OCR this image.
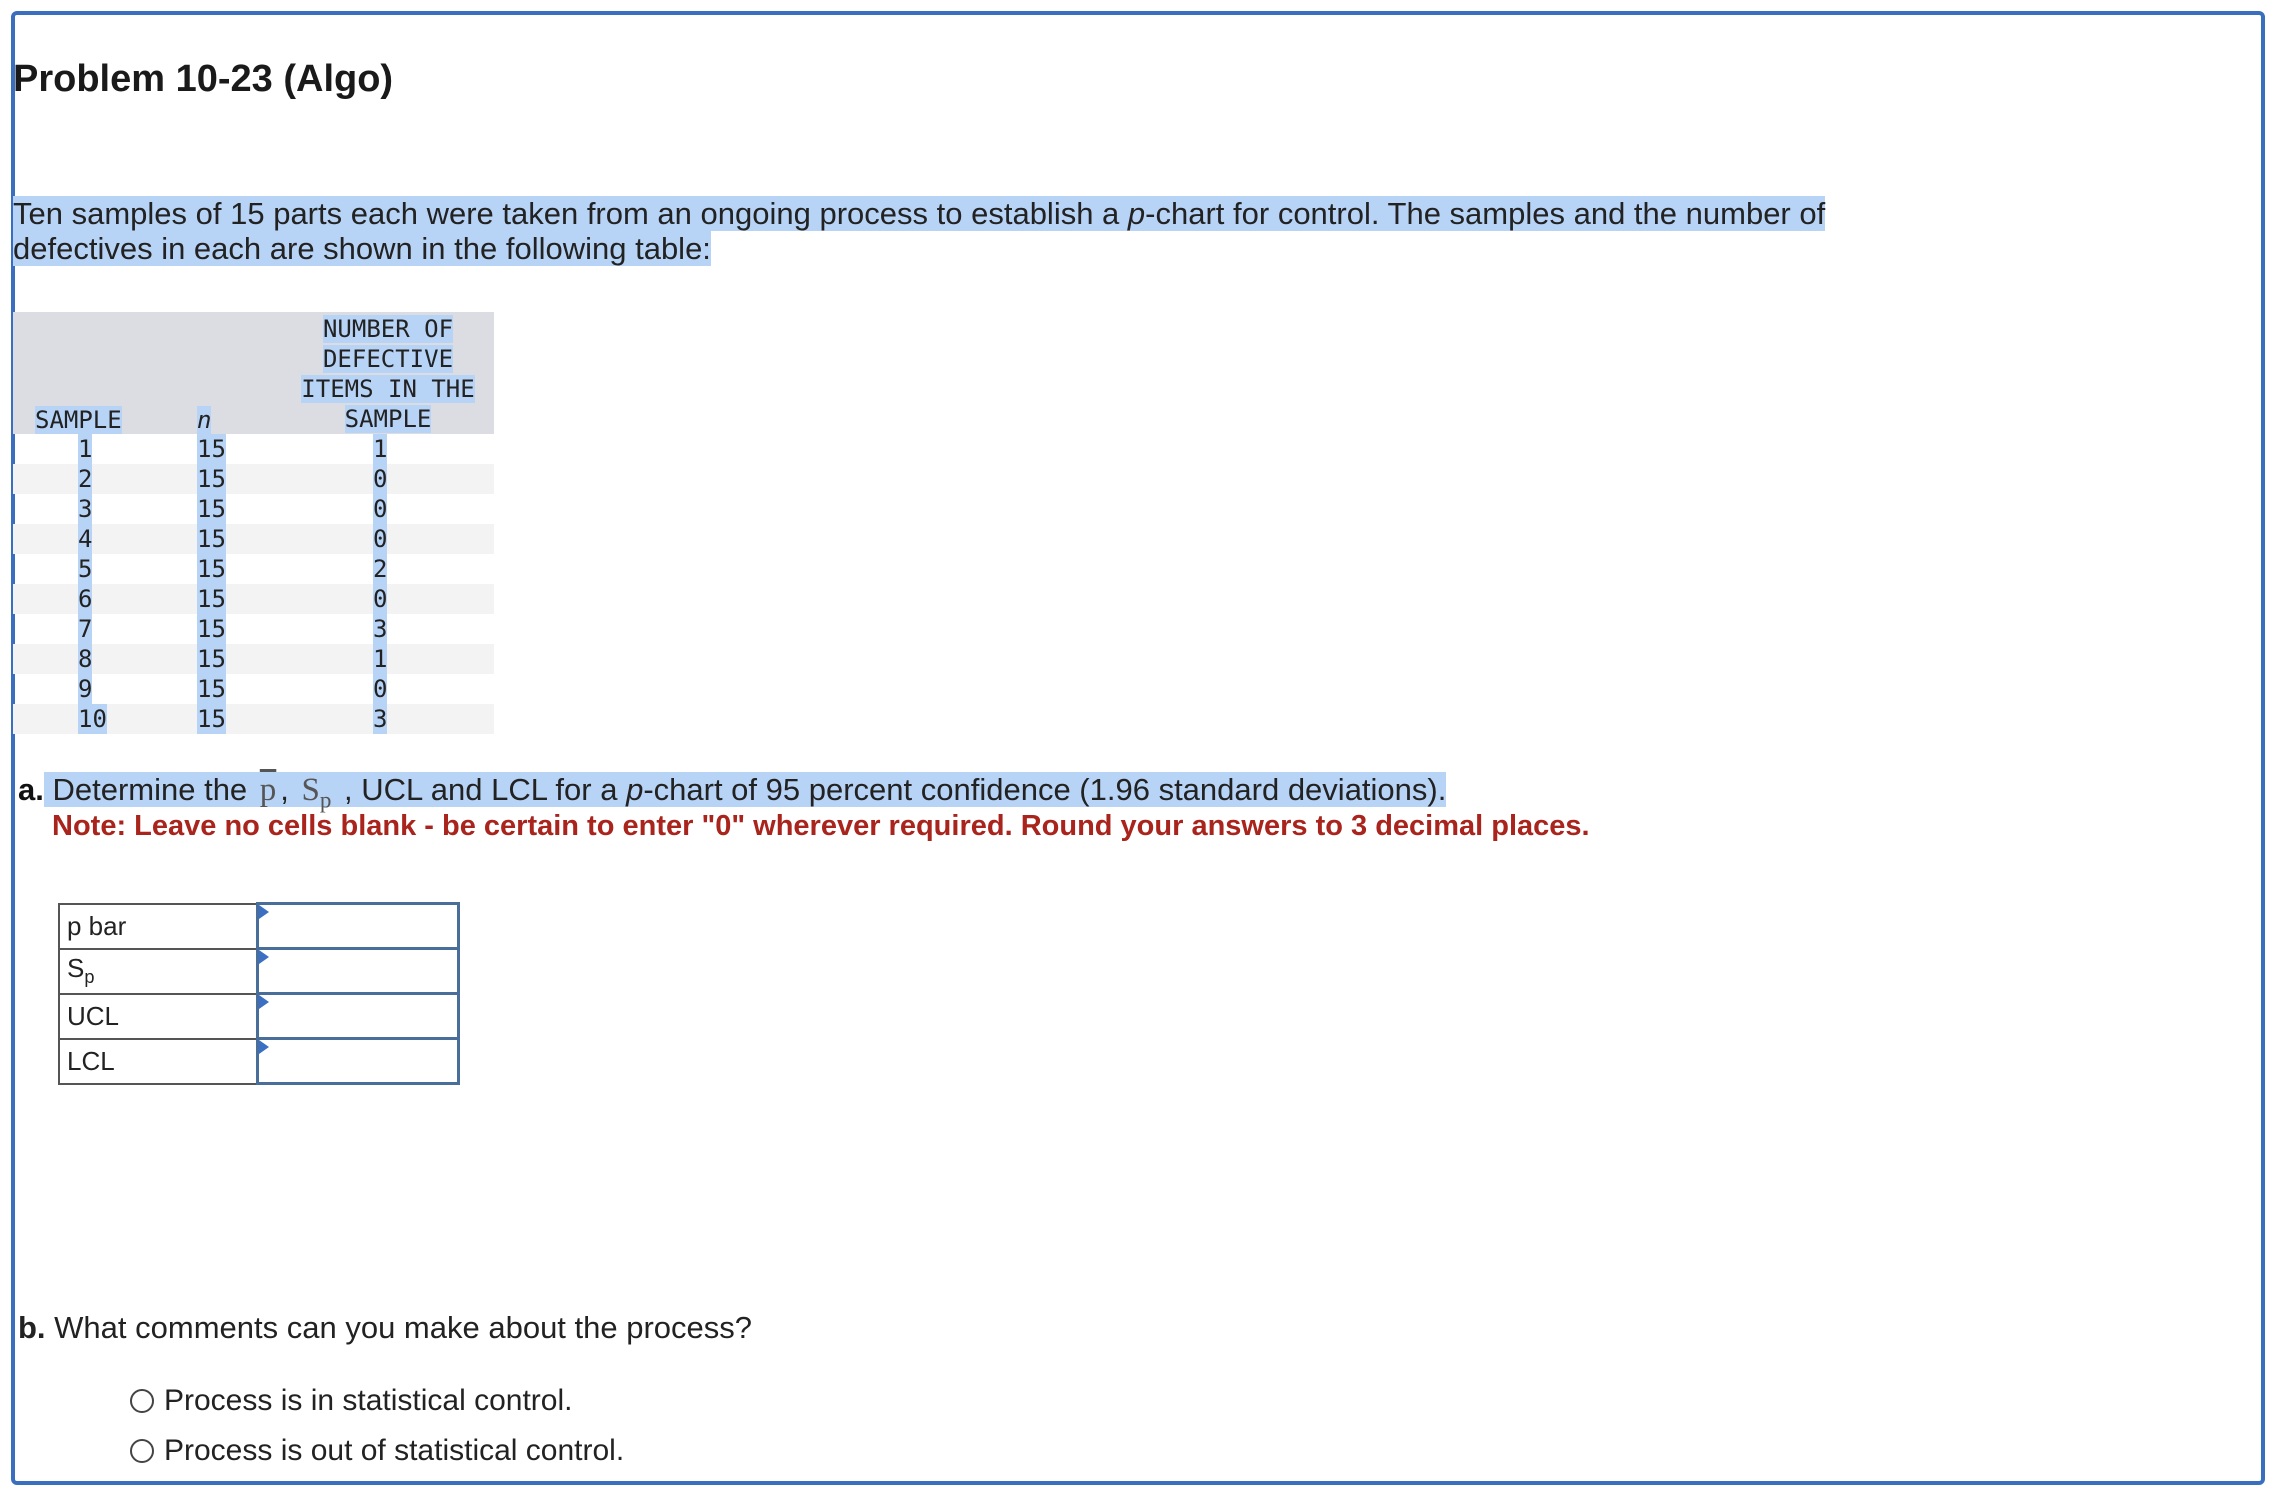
Problem 10-23 (Algo)
Ten samples of 15 parts each were taken from an ongoing process to establish a p-chart for control. The samples and the number of
defectives in each are shown in the following table:
SAMPLE	n
NUMBER OF
DEFECTIVE
ITEMS IN THE
SAMPLE
1	15	1
2	15	0
3	15	0
4	15	0
5	15	2
6	15	0
7	15	3
8	15	1
9	15	0
10	15	3
a. Determine the $\overline{p}$ , $S_p$ , UCL and LCL for a p-chart of 95 percent confidence (1.96 standard deviations).
Note: Leave no cells blank - be certain to enter "0" wherever required. Round your answers to 3 decimal places.
p bar	

$S_p$	

UCL	

LCL	
b. What comments can you make about the process?
Process is in statistical control.
Process is out of statistical control.
